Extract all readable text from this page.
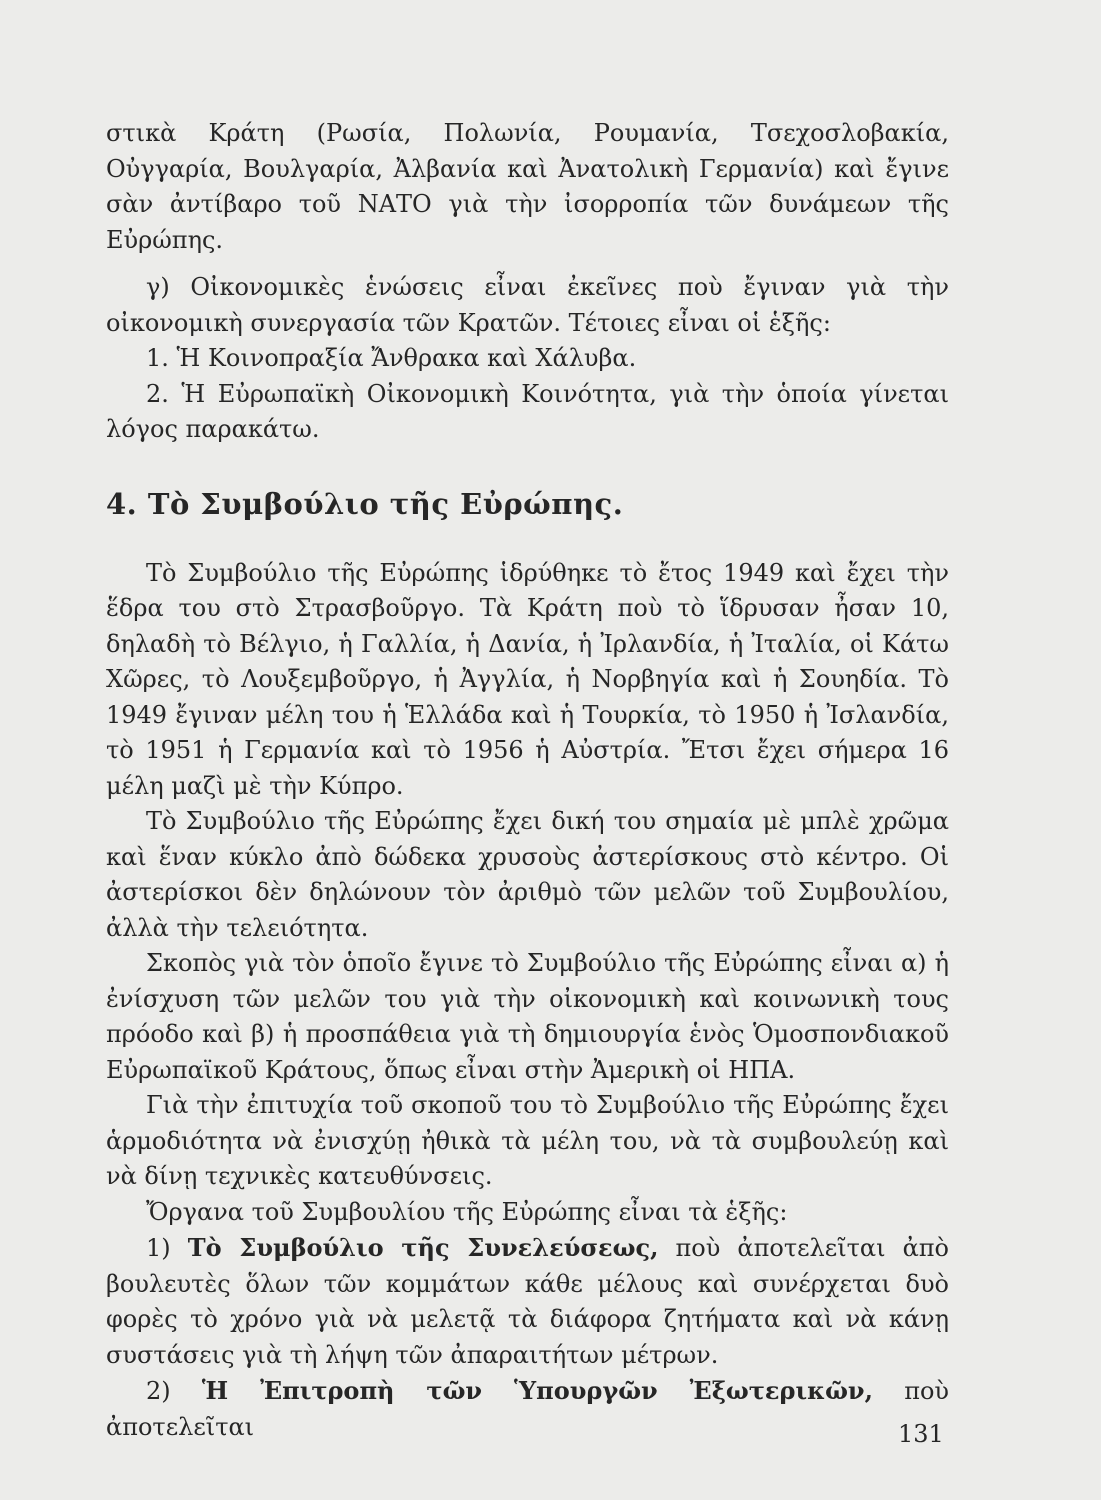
στικὰ Κράτη (Ρωσία, Πολωνία, Ρουμανία, Τσεχοσλοβακία, Οὐγγαρία, Βουλγαρία, Ἀλβανία καὶ Ἀνατολικὴ Γερμανία) καὶ ἔγινε σὰν ἀντίβαρο τοῦ ΝΑΤΟ γιὰ τὴν ἰσορροπία τῶν δυνάμεων τῆς Εὐρώπης.

γ) Οἰκονομικὲς ἑνώσεις εἶναι ἐκεῖνες ποὺ ἔγιναν γιὰ τὴν οἰκονομικὴ συνεργασία τῶν Κρατῶν. Τέτοιες εἶναι οἱ ἑξῆς:

1. Ἡ Κοινοπραξία Ἄνθρακα καὶ Χάλυβα.

2. Ἡ Εὐρωπαϊκὴ Οἰκονομικὴ Κοινότητα, γιὰ τὴν ὁποία γίνεται λόγος παρακάτω.

4. Τὸ Συμβούλιο τῆς Εὐρώπης.

Τὸ Συμβούλιο τῆς Εὐρώπης ἱδρύθηκε τὸ ἔτος 1949 καὶ ἔχει τὴν ἕδρα του στὸ Στρασβοῦργο. Τὰ Κράτη ποὺ τὸ ἵδρυσαν ἦσαν 10, δηλαδὴ τὸ Βέλγιο, ἡ Γαλλία, ἡ Δανία, ἡ Ἰρλανδία, ἡ Ἰταλία, οἱ Κάτω Χῶρες, τὸ Λουξεμβοῦργο, ἡ Ἀγγλία, ἡ Νορβηγία καὶ ἡ Σουηδία. Τὸ 1949 ἔγιναν μέλη του ἡ Ἑλλάδα καὶ ἡ Τουρκία, τὸ 1950 ἡ Ἰσλανδία, τὸ 1951 ἡ Γερμανία καὶ τὸ 1956 ἡ Αὐστρία. Ἔτσι ἔχει σήμερα 16 μέλη μαζὶ μὲ τὴν Κύπρο.

Τὸ Συμβούλιο τῆς Εὐρώπης ἔχει δική του σημαία μὲ μπλὲ χρῶμα καὶ ἕναν κύκλο ἀπὸ δώδεκα χρυσοὺς ἀστερίσκους στὸ κέντρο. Οἱ ἀστερίσκοι δὲν δηλώνουν τὸν ἀριθμὸ τῶν μελῶν τοῦ Συμβουλίου, ἀλλὰ τὴν τελειότητα.

Σκοπὸς γιὰ τὸν ὁποῖο ἔγινε τὸ Συμβούλιο τῆς Εὐρώπης εἶναι α) ἡ ἐνίσχυση τῶν μελῶν του γιὰ τὴν οἰκονομικὴ καὶ κοινωνικὴ τους πρόοδο καὶ β) ἡ προσπάθεια γιὰ τὴ δημιουργία ἑνὸς Ὁμοσπονδιακοῦ Εὐρωπαϊκοῦ Κράτους, ὅπως εἶναι στὴν Ἀμερικὴ οἱ ΗΠΑ.

Γιὰ τὴν ἐπιτυχία τοῦ σκοποῦ του τὸ Συμβούλιο τῆς Εὐρώπης ἔχει ἁρμοδιότητα νὰ ἐνισχύῃ ἠθικὰ τὰ μέλη του, νὰ τὰ συμβουλεύῃ καὶ νὰ δίνῃ τεχνικὲς κατευθύνσεις.

Ὄργανα τοῦ Συμβουλίου τῆς Εὐρώπης εἶναι τὰ ἑξῆς:

1) Τὸ Συμβούλιο τῆς Συνελεύσεως, ποὺ ἀποτελεῖται ἀπὸ βουλευτὲς ὅλων τῶν κομμάτων κάθε μέλους καὶ συνέρχεται δυὸ φορὲς τὸ χρόνο γιὰ νὰ μελετᾷ τὰ διάφορα ζητήματα καὶ νὰ κάνῃ συστάσεις γιὰ τὴ λήψη τῶν ἀπαραιτήτων μέτρων.

2) Ἡ Ἐπιτροπὴ τῶν Ὑπουργῶν Ἐξωτερικῶν, ποὺ ἀποτελεῖται	131
